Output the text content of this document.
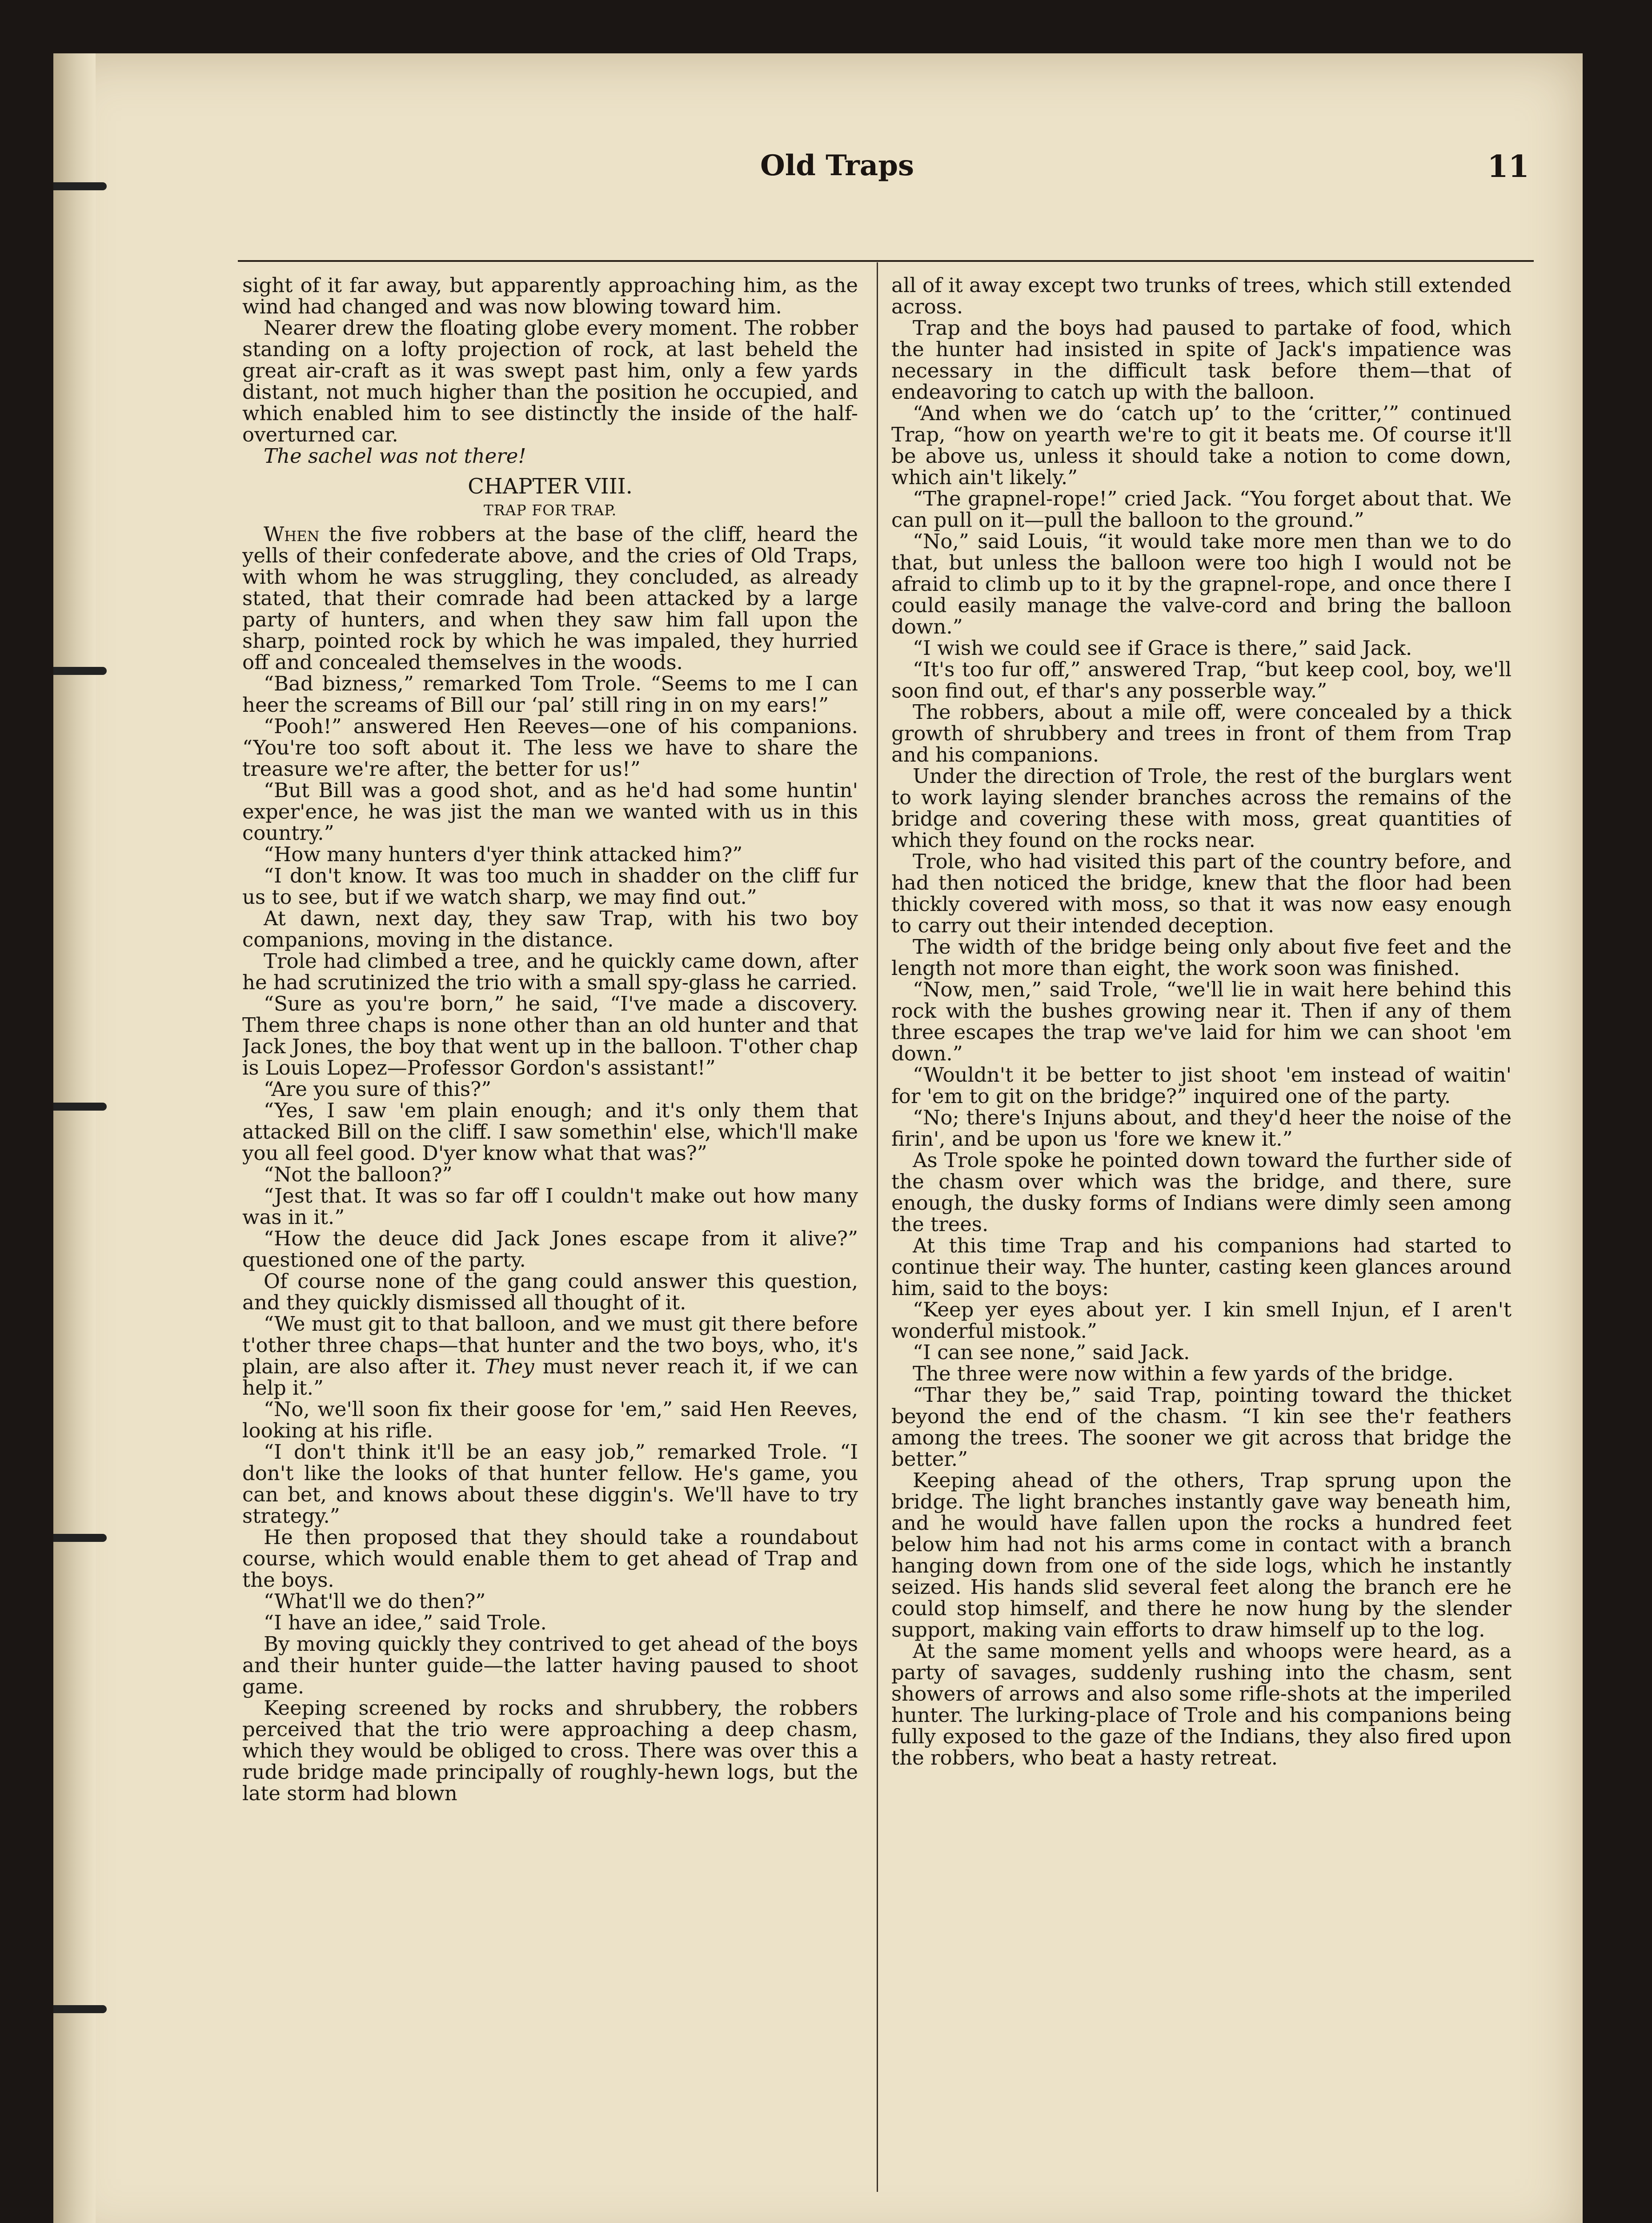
Old Traps	11

sight of it far away, but apparently approaching him, as the wind had changed and was now blowing toward him.

Nearer drew the floating globe every moment. The robber standing on a lofty projection of rock, at last beheld the great air-craft as it was swept past him, only a few yards distant, not much higher than the position he occupied, and which enabled him to see distinctly the inside of the half-overturned car.

The sachel was not there!

CHAPTER VIII.
TRAP FOR TRAP.

When the five robbers at the base of the cliff, heard the yells of their confederate above, and the cries of Old Traps, with whom he was struggling, they concluded, as already stated, that their comrade had been attacked by a large party of hunters, and when they saw him fall upon the sharp, pointed rock by which he was impaled, they hurried off and concealed themselves in the woods.

“Bad bizness,” remarked Tom Trole. “Seems to me I can heer the screams of Bill our ‘pal’ still ring in on my ears!”

“Pooh!” answered Hen Reeves—one of his companions. “You're too soft about it. The less we have to share the treasure we're after, the better for us!”

“But Bill was a good shot, and as he'd had some huntin' exper'ence, he was jist the man we wanted with us in this country.”

“How many hunters d'yer think attacked him?”

“I don't know. It was too much in shadder on the cliff fur us to see, but if we watch sharp, we may find out.”

At dawn, next day, they saw Trap, with his two boy companions, moving in the distance.

Trole had climbed a tree, and he quickly came down, after he had scrutinized the trio with a small spy-glass he carried.

“Sure as you're born,” he said, “I've made a discovery. Them three chaps is none other than an old hunter and that Jack Jones, the boy that went up in the balloon. T'other chap is Louis Lopez—Professor Gordon's assistant!”

“Are you sure of this?”

“Yes, I saw 'em plain enough; and it's only them that attacked Bill on the cliff. I saw somethin' else, which'll make you all feel good. D'yer know what that was?”

“Not the balloon?”

“Jest that. It was so far off I couldn't make out how many was in it.”

“How the deuce did Jack Jones escape from it alive?” questioned one of the party.

Of course none of the gang could answer this question, and they quickly dismissed all thought of it.

“We must git to that balloon, and we must git there before t'other three chaps—that hunter and the two boys, who, it's plain, are also after it. They must never reach it, if we can help it.”

“No, we'll soon fix their goose for 'em,” said Hen Reeves, looking at his rifle.

“I don't think it'll be an easy job,” remarked Trole. “I don't like the looks of that hunter fellow. He's game, you can bet, and knows about these diggin's. We'll have to try strategy.”

He then proposed that they should take a roundabout course, which would enable them to get ahead of Trap and the boys.

“What'll we do then?”

“I have an idee,” said Trole.

By moving quickly they contrived to get ahead of the boys and their hunter guide—the latter having paused to shoot game.

Keeping screened by rocks and shrubbery, the robbers perceived that the trio were approaching a deep chasm, which they would be obliged to cross. There was over this a rude bridge made principally of roughly-hewn logs, but the late storm had blown

all of it away except two trunks of trees, which still extended across.

Trap and the boys had paused to partake of food, which the hunter had insisted in spite of Jack's impatience was necessary in the difficult task before them—that of endeavoring to catch up with the balloon.

“And when we do ‘catch up’ to the ‘critter,’” continued Trap, “how on yearth we're to git it beats me. Of course it'll be above us, unless it should take a notion to come down, which ain't likely.”

“The grapnel-rope!” cried Jack. “You forget about that. We can pull on it—pull the balloon to the ground.”

“No,” said Louis, “it would take more men than we to do that, but unless the balloon were too high I would not be afraid to climb up to it by the grapnel-rope, and once there I could easily manage the valve-cord and bring the balloon down.”

“I wish we could see if Grace is there,” said Jack.

“It's too fur off,” answered Trap, “but keep cool, boy, we'll soon find out, ef thar's any posserble way.”

The robbers, about a mile off, were concealed by a thick growth of shrubbery and trees in front of them from Trap and his companions.

Under the direction of Trole, the rest of the burglars went to work laying slender branches across the remains of the bridge and covering these with moss, great quantities of which they found on the rocks near.

Trole, who had visited this part of the country before, and had then noticed the bridge, knew that the floor had been thickly covered with moss, so that it was now easy enough to carry out their intended deception.

The width of the bridge being only about five feet and the length not more than eight, the work soon was finished.

“Now, men,” said Trole, “we'll lie in wait here behind this rock with the bushes growing near it. Then if any of them three escapes the trap we've laid for him we can shoot 'em down.”

“Wouldn't it be better to jist shoot 'em instead of waitin' for 'em to git on the bridge?” inquired one of the party.

“No; there's Injuns about, and they'd heer the noise of the firin', and be upon us 'fore we knew it.”

As Trole spoke he pointed down toward the further side of the chasm over which was the bridge, and there, sure enough, the dusky forms of Indians were dimly seen among the trees.

At this time Trap and his companions had started to continue their way. The hunter, casting keen glances around him, said to the boys:

“Keep yer eyes about yer. I kin smell Injun, ef I aren't wonderful mistook.”

“I can see none,” said Jack.

The three were now within a few yards of the bridge.

“Thar they be,” said Trap, pointing toward the thicket beyond the end of the chasm. “I kin see the'r feathers among the trees. The sooner we git across that bridge the better.”

Keeping ahead of the others, Trap sprung upon the bridge. The light branches instantly gave way beneath him, and he would have fallen upon the rocks a hundred feet below him had not his arms come in contact with a branch hanging down from one of the side logs, which he instantly seized. His hands slid several feet along the branch ere he could stop himself, and there he now hung by the slender support, making vain efforts to draw himself up to the log.

At the same moment yells and whoops were heard, as a party of savages, suddenly rushing into the chasm, sent showers of arrows and also some rifle-shots at the imperiled hunter. The lurking-place of Trole and his companions being fully exposed to the gaze of the Indians, they also fired upon the robbers, who beat a hasty retreat.
